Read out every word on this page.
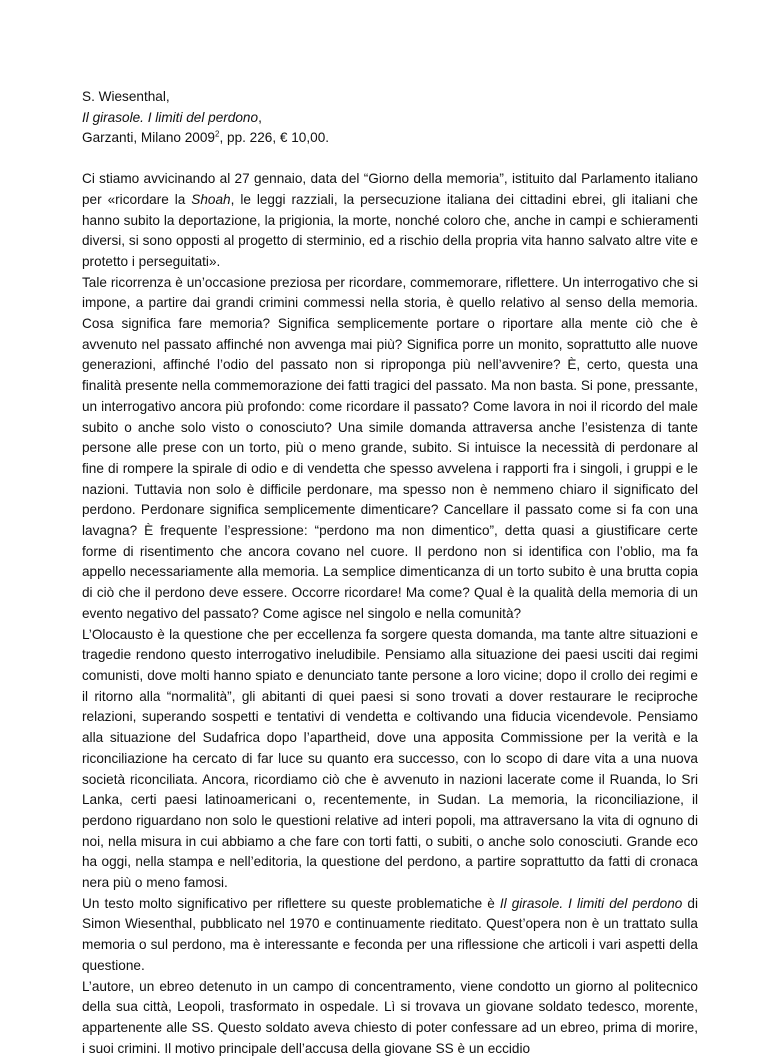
S. Wiesenthal,
Il girasole. I limiti del perdono,
Garzanti, Milano 2009$^2$, pp. 226, € 10,00.

Ci stiamo avvicinando al 27 gennaio, data del “Giorno della memoria”, istituito dal Parlamento italiano per «ricordare la Shoah, le leggi razziali, la persecuzione italiana dei cittadini ebrei, gli italiani che hanno subito la deportazione, la prigionia, la morte, nonché coloro che, anche in campi e schieramenti diversi, si sono opposti al progetto di sterminio, ed a rischio della propria vita hanno salvato altre vite e protetto i perseguitati».

Tale ricorrenza è un’occasione preziosa per ricordare, commemorare, riflettere. Un interrogativo che si impone, a partire dai grandi crimini commessi nella storia, è quello relativo al senso della memoria. Cosa significa fare memoria? Significa semplicemente portare o riportare alla mente ciò che è avvenuto nel passato affinché non avvenga mai più? Significa porre un monito, soprattutto alle nuove generazioni, affinché l’odio del passato non si riproponga più nell’avvenire? È, certo, questa una finalità presente nella commemorazione dei fatti tragici del passato. Ma non basta. Si pone, pressante, un interrogativo ancora più profondo: come ricordare il passato? Come lavora in noi il ricordo del male subito o anche solo visto o conosciuto? Una simile domanda attraversa anche l’esistenza di tante persone alle prese con un torto, più o meno grande, subito. Si intuisce la necessità di perdonare al fine di rompere la spirale di odio e di vendetta che spesso avvelena i rapporti fra i singoli, i gruppi e le nazioni. Tuttavia non solo è difficile perdonare, ma spesso non è nemmeno chiaro il significato del perdono. Perdonare significa semplicemente dimenticare? Cancellare il passato come si fa con una lavagna? È frequente l’espressione: “perdono ma non dimentico”, detta quasi a giustificare certe forme di risentimento che ancora covano nel cuore. Il perdono non si identifica con l’oblio, ma fa appello necessariamente alla memoria. La semplice dimenticanza di un torto subito è una brutta copia di ciò che il perdono deve essere. Occorre ricordare! Ma come? Qual è la qualità della memoria di un evento negativo del passato? Come agisce nel singolo e nella comunità?

L’Olocausto è la questione che per eccellenza fa sorgere questa domanda, ma tante altre situazioni e tragedie rendono questo interrogativo ineludibile. Pensiamo alla situazione dei paesi usciti dai regimi comunisti, dove molti hanno spiato e denunciato tante persone a loro vicine; dopo il crollo dei regimi e il ritorno alla “normalità”, gli abitanti di quei paesi si sono trovati a dover restaurare le reciproche relazioni, superando sospetti e tentativi di vendetta e coltivando una fiducia vicendevole. Pensiamo alla situazione del Sudafrica dopo l’apartheid, dove una apposita Commissione per la verità e la riconciliazione ha cercato di far luce su quanto era successo, con lo scopo di dare vita a una nuova società riconciliata. Ancora, ricordiamo ciò che è avvenuto in nazioni lacerate come il Ruanda, lo Sri Lanka, certi paesi latinoamericani o, recentemente, in Sudan. La memoria, la riconciliazione, il perdono riguardano non solo le questioni relative ad interi popoli, ma attraversano la vita di ognuno di noi, nella misura in cui abbiamo a che fare con torti fatti, o subiti, o anche solo conosciuti. Grande eco ha oggi, nella stampa e nell’editoria, la questione del perdono, a partire soprattutto da fatti di cronaca nera più o meno famosi.

Un testo molto significativo per riflettere su queste problematiche è Il girasole. I limiti del perdono di Simon Wiesenthal, pubblicato nel 1970 e continuamente rieditato. Quest’opera non è un trattato sulla memoria o sul perdono, ma è interessante e feconda per una riflessione che articoli i vari aspetti della questione.

L’autore, un ebreo detenuto in un campo di concentramento, viene condotto un giorno al politecnico della sua città, Leopoli, trasformato in ospedale. Lì si trovava un giovane soldato tedesco, morente, appartenente alle SS. Questo soldato aveva chiesto di poter confessare ad un ebreo, prima di morire, i suoi crimini. Il motivo principale dell’accusa della giovane SS è un eccidio
